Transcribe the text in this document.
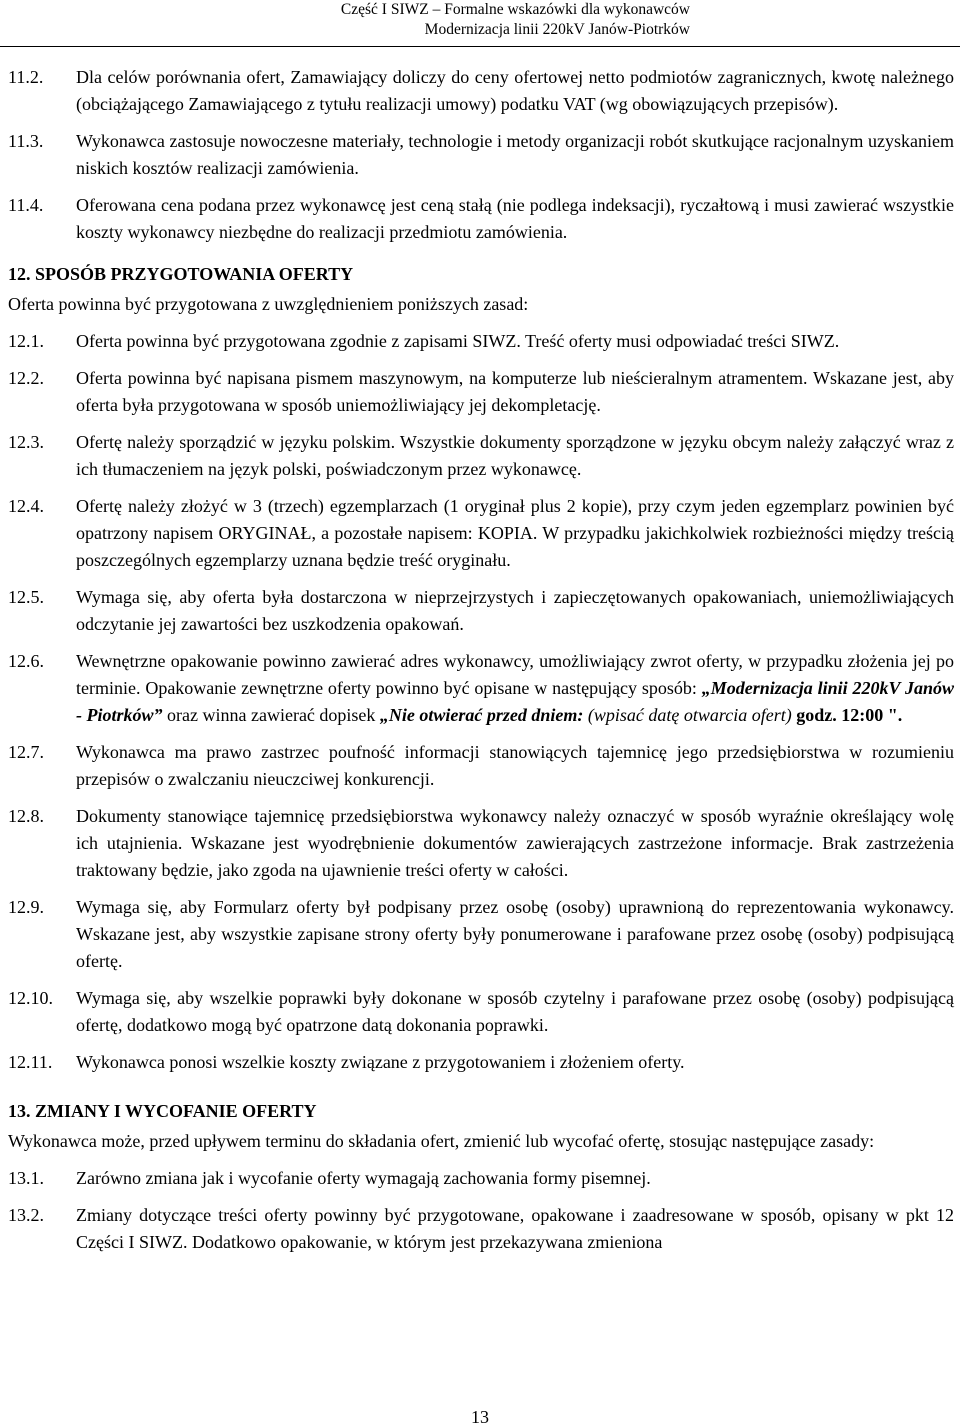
Część I SIWZ – Formalne wskazówki dla wykonawców
Modernizacja linii 220kV Janów-Piotrków
11.2.	Dla celów porównania ofert, Zamawiający doliczy do ceny ofertowej netto podmiotów zagranicznych, kwotę należnego (obciążającego Zamawiającego z tytułu realizacji umowy) podatku VAT (wg obowiązujących przepisów).
11.3.	Wykonawca zastosuje nowoczesne materiały, technologie i metody organizacji robót skutkujące racjonalnym uzyskaniem niskich kosztów realizacji zamówienia.
11.4.	Oferowana cena podana przez wykonawcę jest ceną stałą (nie podlega indeksacji), ryczałtową i musi zawierać wszystkie koszty wykonawcy niezbędne do realizacji przedmiotu zamówienia.
12. SPOSÓB PRZYGOTOWANIA OFERTY
Oferta powinna być przygotowana z uwzględnieniem poniższych zasad:
12.1.	Oferta powinna być przygotowana zgodnie z zapisami SIWZ. Treść oferty musi odpowiadać treści SIWZ.
12.2.	Oferta powinna być napisana pismem maszynowym, na komputerze lub nieścieralnym atramentem. Wskazane jest, aby oferta była przygotowana w sposób uniemożliwiający jej dekompletację.
12.3.	Ofertę należy sporządzić w języku polskim. Wszystkie dokumenty sporządzone w języku obcym należy załączyć wraz z ich tłumaczeniem na język polski, poświadczonym przez wykonawcę.
12.4.	Ofertę należy złożyć w 3 (trzech) egzemplarzach (1 oryginał plus 2 kopie), przy czym jeden egzemplarz powinien być opatrzony napisem ORYGINAŁ, a pozostałe napisem: KOPIA. W przypadku jakichkolwiek rozbieżności między treścią poszczególnych egzemplarzy uznana będzie treść oryginału.
12.5.	Wymaga się, aby oferta była dostarczona w nieprzejrzystych i zapieczętowanych opakowaniach, uniemożliwiających odczytanie jej zawartości bez uszkodzenia opakowań.
12.6.	Wewnętrzne opakowanie powinno zawierać adres wykonawcy, umożliwiający zwrot oferty, w przypadku złożenia jej po terminie. Opakowanie zewnętrzne oferty powinno być opisane w następujący sposób: „Modernizacja linii 220kV Janów - Piotrków” oraz winna zawierać dopisek „Nie otwierać przed dniem: (wpisać datę otwarcia ofert) godz. 12:00 ".
12.7.	Wykonawca ma prawo zastrzec poufność informacji stanowiących tajemnicę jego przedsiębiorstwa w rozumieniu przepisów o zwalczaniu nieuczciwej konkurencji.
12.8.	Dokumenty stanowiące tajemnicę przedsiębiorstwa wykonawcy należy oznaczyć w sposób wyraźnie określający wolę ich utajnienia. Wskazane jest wyodrębnienie dokumentów zawierających zastrzeżone informacje. Brak zastrzeżenia traktowany będzie, jako zgoda na ujawnienie treści oferty w całości.
12.9.	Wymaga się, aby Formularz oferty był podpisany przez osobę (osoby) uprawnioną do reprezentowania wykonawcy. Wskazane jest, aby wszystkie zapisane strony oferty były ponumerowane i parafowane przez osobę (osoby) podpisującą ofertę.
12.10.	Wymaga się, aby wszelkie poprawki były dokonane w sposób czytelny i parafowane przez osobę (osoby) podpisującą ofertę, dodatkowo mogą być opatrzone datą dokonania poprawki.
12.11.	Wykonawca ponosi wszelkie koszty związane z przygotowaniem i złożeniem oferty.
13. ZMIANY I WYCOFANIE OFERTY
Wykonawca może, przed upływem terminu do składania ofert, zmienić lub wycofać ofertę, stosując następujące zasady:
13.1.	Zarówno zmiana jak i wycofanie oferty wymagają zachowania formy pisemnej.
13.2.	Zmiany dotyczące treści oferty powinny być przygotowane, opakowane i zaadresowane w sposób, opisany w pkt 12 Części I SIWZ. Dodatkowo opakowanie, w którym jest przekazywana zmieniona
13
